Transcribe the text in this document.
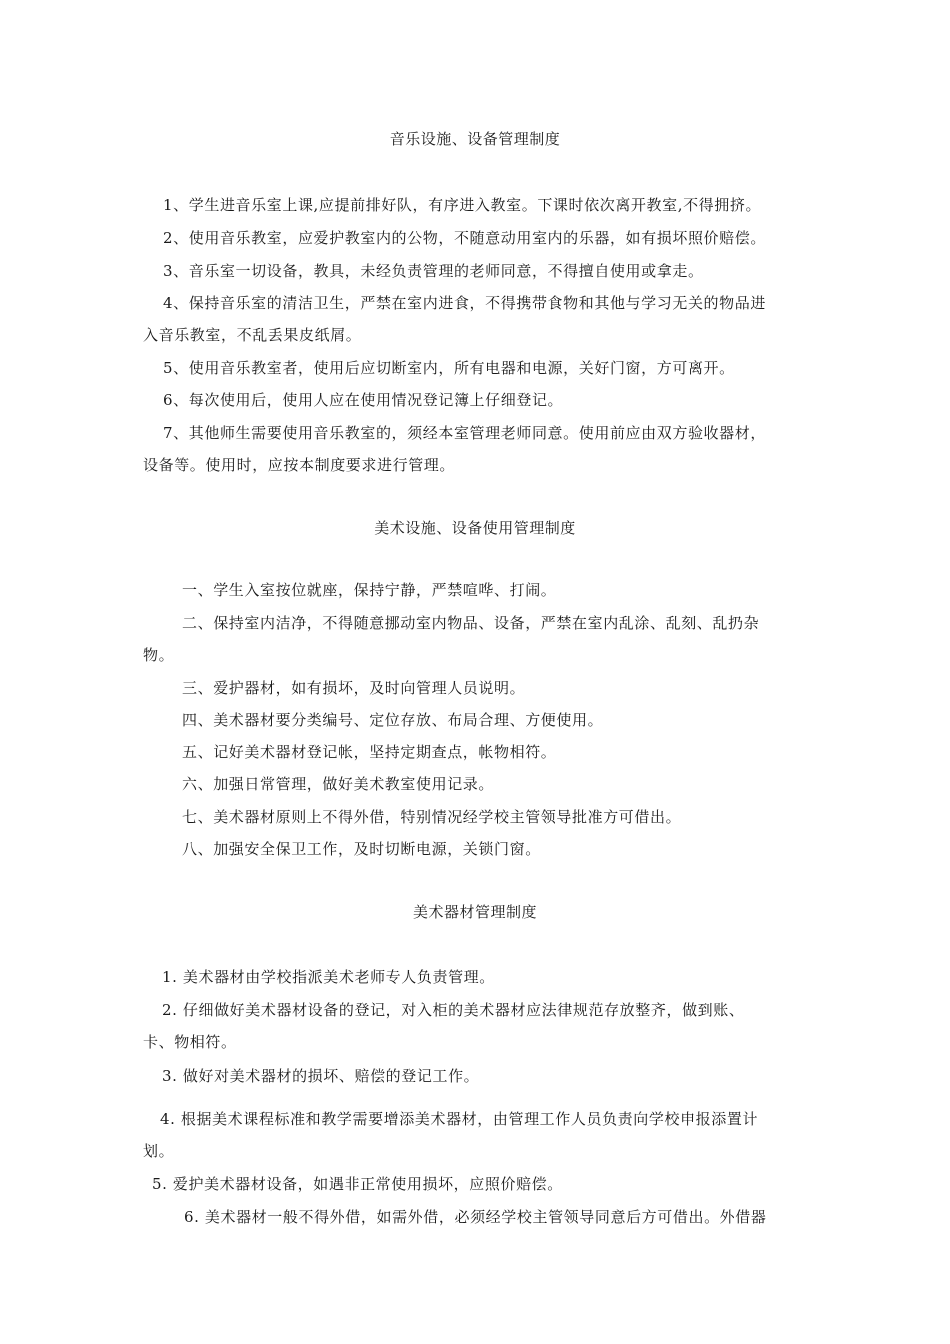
音乐设施、设备管理制度

1、学生进音乐室上课,应提前排好队，有序进入教室。下课时依次离开教室,不得拥挤。

2、使用音乐教室，应爱护教室内的公物，不随意动用室内的乐器，如有损坏照价赔偿。

3、音乐室一切设备，教具，未经负责管理的老师同意，不得擅自使用或拿走。

4、保持音乐室的清洁卫生，严禁在室内进食，不得携带食物和其他与学习无关的物品进

入音乐教室，不乱丢果皮纸屑。

5、使用音乐教室者，使用后应切断室内，所有电器和电源，关好门窗，方可离开。

6、每次使用后，使用人应在使用情况登记簿上仔细登记。

7、其他师生需要使用音乐教室的，须经本室管理老师同意。使用前应由双方验收器材，

设备等。使用时，应按本制度要求进行管理。

美术设施、设备使用管理制度

一、学生入室按位就座，保持宁静，严禁喧哗、打闹。

二、保持室内洁净，不得随意挪动室内物品、设备，严禁在室内乱涂、乱刻、乱扔杂

物。

三、爱护器材，如有损坏，及时向管理人员说明。

四、美术器材要分类编号、定位存放、布局合理、方便使用。

五、记好美术器材登记帐，坚持定期查点，帐物相符。

六、加强日常管理，做好美术教室使用记录。

七、美术器材原则上不得外借，特别情况经学校主管领导批准方可借出。

八、加强安全保卫工作，及时切断电源，关锁门窗。

美术器材管理制度

1. 美术器材由学校指派美术老师专人负责管理。

2. 仔细做好美术器材设备的登记，对入柜的美术器材应法律规范存放整齐，做到账、

卡、物相符。

3. 做好对美术器材的损坏、赔偿的登记工作。

4. 根据美术课程标准和教学需要增添美术器材，由管理工作人员负责向学校申报添置计

划。

5. 爱护美术器材设备，如遇非正常使用损坏，应照价赔偿。

6. 美术器材一般不得外借，如需外借，必须经学校主管领导同意后方可借出。外借器
